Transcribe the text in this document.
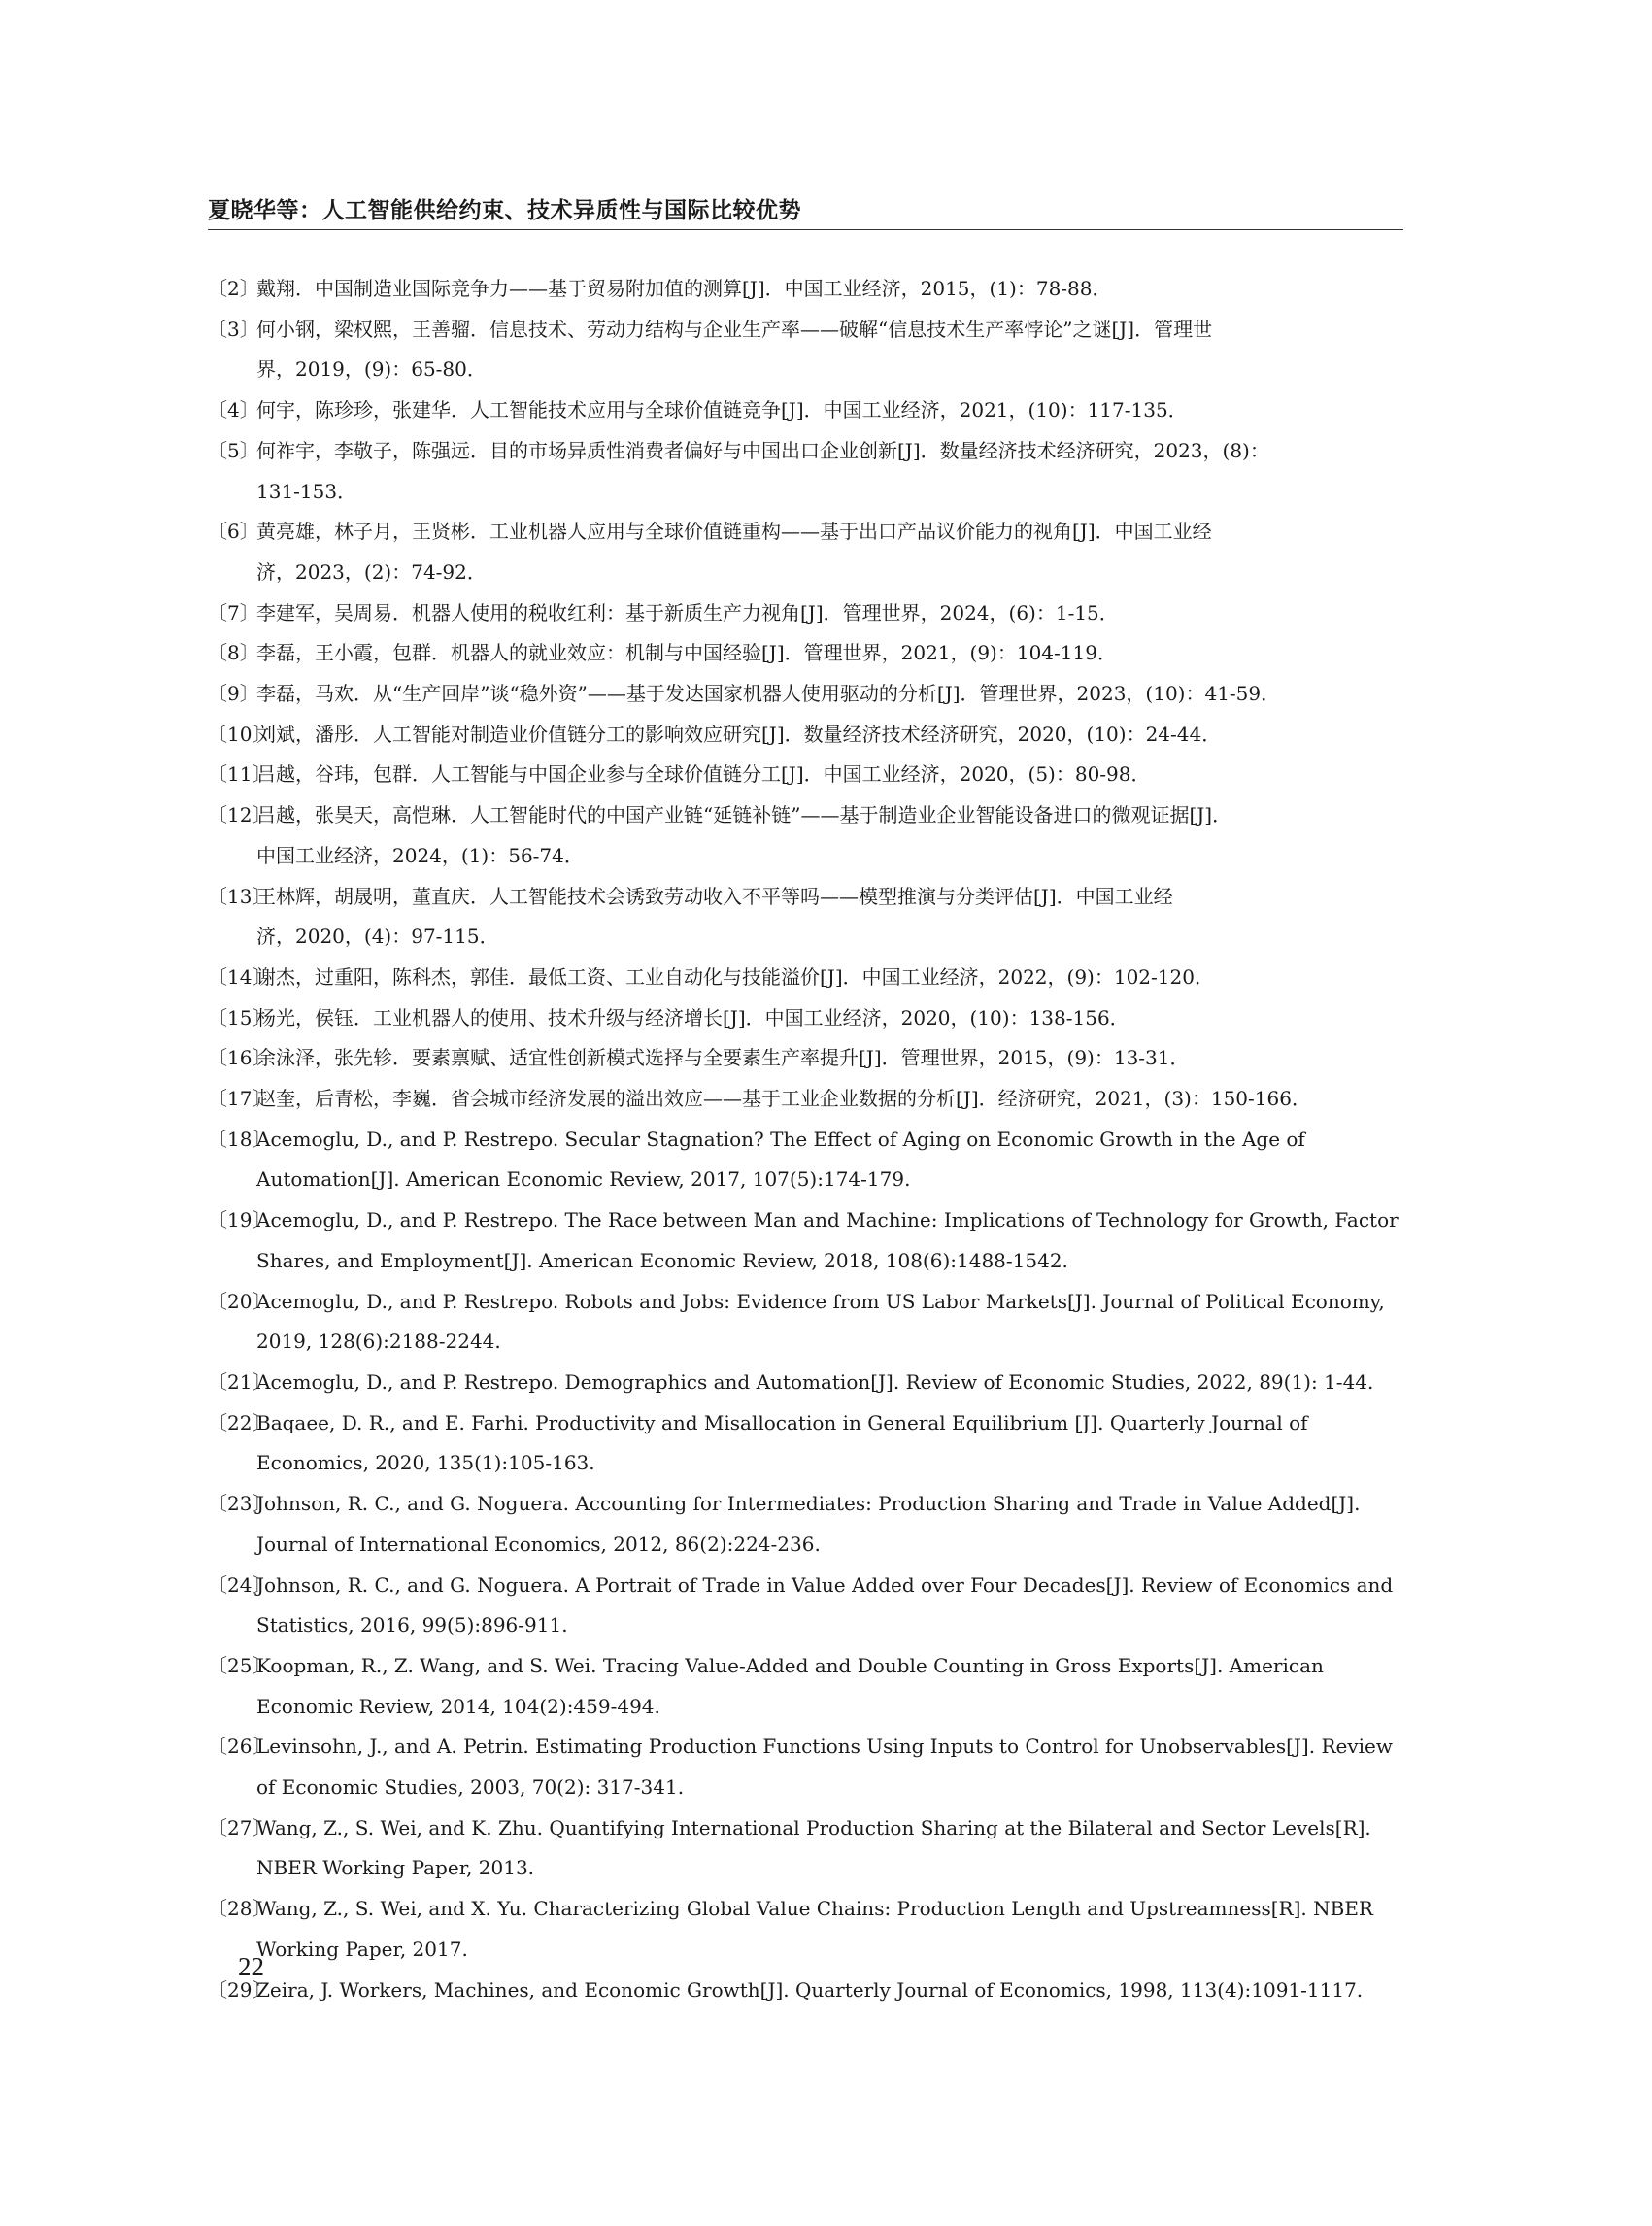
夏晓华等：人工智能供给约束、技术异质性与国际比较优势
〔2〕
戴翔．中国制造业国际竞争力——基于贸易附加值的测算[J]．中国工业经济，2015，(1)：78-88．
〔3〕
何小钢，梁权熙，王善骝．信息技术、劳动力结构与企业生产率——破解“信息技术生产率悖论”之谜[J]．管理世
界，2019，(9)：65-80．
〔4〕
何宇，陈珍珍，张建华．人工智能技术应用与全球价值链竞争[J]．中国工业经济，2021，(10)：117-135．
〔5〕
何祚宇，李敬子，陈强远．目的市场异质性消费者偏好与中国出口企业创新[J]．数量经济技术经济研究，2023，(8)：
131-153．
〔6〕
黄亮雄，林子月，王贤彬．工业机器人应用与全球价值链重构——基于出口产品议价能力的视角[J]．中国工业经
济，2023，(2)：74-92．
〔7〕
李建军，吴周易．机器人使用的税收红利：基于新质生产力视角[J]．管理世界，2024，(6)：1-15．
〔8〕
李磊，王小霞，包群．机器人的就业效应：机制与中国经验[J]．管理世界，2021，(9)：104-119．
〔9〕
李磊，马欢．从“生产回岸”谈“稳外资”——基于发达国家机器人使用驱动的分析[J]．管理世界，2023，(10)：41-59．
〔10〕
刘斌，潘彤．人工智能对制造业价值链分工的影响效应研究[J]．数量经济技术经济研究，2020，(10)：24-44．
〔11〕
吕越，谷玮，包群．人工智能与中国企业参与全球价值链分工[J]．中国工业经济，2020，(5)：80-98．
〔12〕
吕越，张昊天，高恺琳．人工智能时代的中国产业链“延链补链”——基于制造业企业智能设备进口的微观证据[J]．
中国工业经济，2024，(1)：56-74．
〔13〕
王林辉，胡晟明，董直庆．人工智能技术会诱致劳动收入不平等吗——模型推演与分类评估[J]．中国工业经
济，2020，(4)：97-115．
〔14〕
谢杰，过重阳，陈科杰，郭佳．最低工资、工业自动化与技能溢价[J]．中国工业经济，2022，(9)：102-120．
〔15〕
杨光，侯钰．工业机器人的使用、技术升级与经济增长[J]．中国工业经济，2020，(10)：138-156．
〔16〕
余泳泽，张先轸．要素禀赋、适宜性创新模式选择与全要素生产率提升[J]．管理世界，2015，(9)：13-31．
〔17〕
赵奎，后青松，李巍．省会城市经济发展的溢出效应——基于工业企业数据的分析[J]．经济研究，2021，(3)：150-166．
〔18〕
Acemoglu, D., and P. Restrepo. Secular Stagnation? The Effect of Aging on Economic Growth in the Age of
Automation[J]. American Economic Review, 2017, 107(5):174-179.
〔19〕
Acemoglu, D., and P. Restrepo. The Race between Man and Machine: Implications of Technology for Growth, Factor
Shares, and Employment[J]. American Economic Review, 2018, 108(6):1488-1542.
〔20〕
Acemoglu, D., and P. Restrepo. Robots and Jobs: Evidence from US Labor Markets[J]. Journal of Political Economy,
2019, 128(6):2188-2244.
〔21〕
Acemoglu, D., and P. Restrepo. Demographics and Automation[J]. Review of Economic Studies, 2022, 89(1): 1-44.
〔22〕
Baqaee, D. R., and E. Farhi. Productivity and Misallocation in General Equilibrium [J]. Quarterly Journal of
Economics, 2020, 135(1):105-163.
〔23〕
Johnson, R. C., and G. Noguera. Accounting for Intermediates: Production Sharing and Trade in Value Added[J].
Journal of International Economics, 2012, 86(2):224-236.
〔24〕
Johnson, R. C., and G. Noguera. A Portrait of Trade in Value Added over Four Decades[J]. Review of Economics and
Statistics, 2016, 99(5):896-911.
〔25〕
Koopman, R., Z. Wang, and S. Wei. Tracing Value-Added and Double Counting in Gross Exports[J]. American
Economic Review, 2014, 104(2):459-494.
〔26〕
Levinsohn, J., and A. Petrin. Estimating Production Functions Using Inputs to Control for Unobservables[J]. Review
of Economic Studies, 2003, 70(2): 317-341.
〔27〕
Wang, Z., S. Wei, and K. Zhu. Quantifying International Production Sharing at the Bilateral and Sector Levels[R].
NBER Working Paper, 2013.
〔28〕
Wang, Z., S. Wei, and X. Yu. Characterizing Global Value Chains: Production Length and Upstreamness[R]. NBER
Working Paper, 2017.
〔29〕
Zeira, J. Workers, Machines, and Economic Growth[J]. Quarterly Journal of Economics, 1998, 113(4):1091-1117.
22
